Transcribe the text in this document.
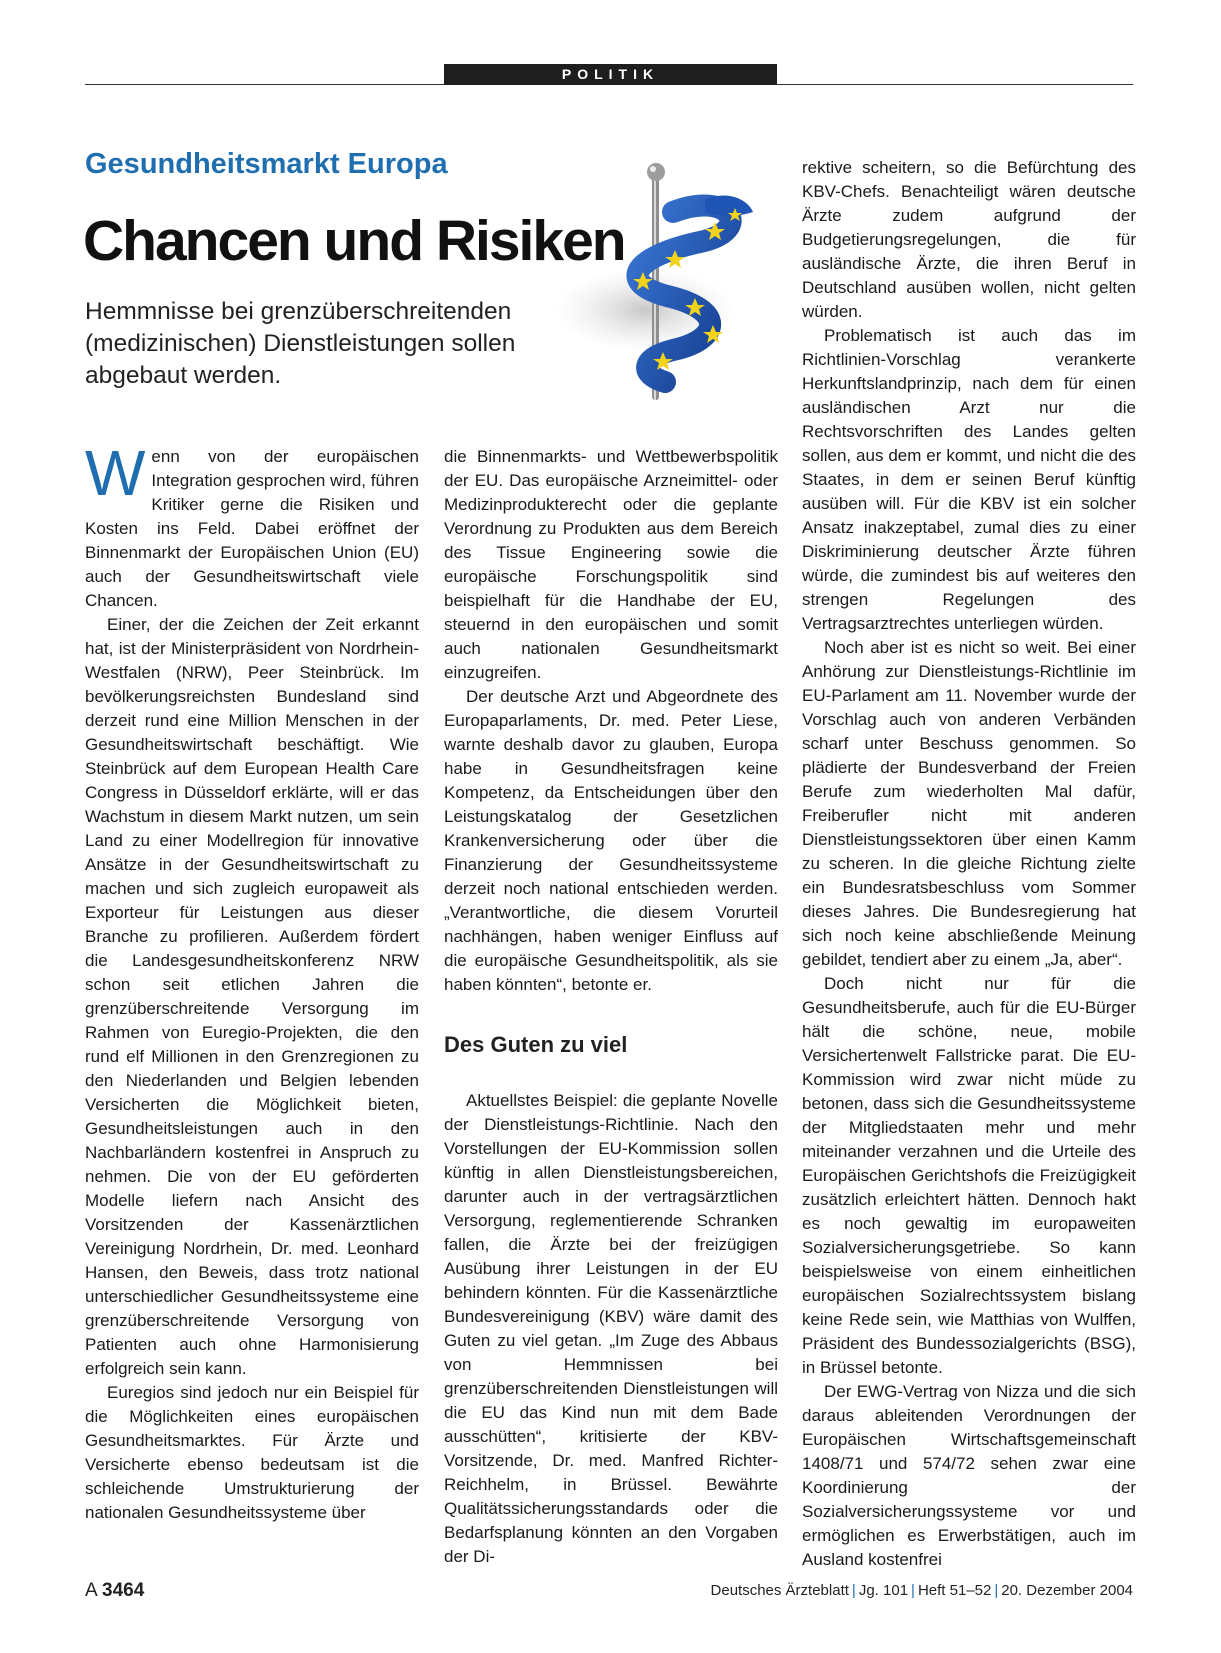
POLITIK
Gesundheitsmarkt Europa
Chancen und Risiken

Hemmnisse bei grenzüberschreitenden (medizinischen) Dienstleistungen sollen abgebaut werden.

Wenn von der europäischen Integration gesprochen wird, führen Kritiker gerne die Risiken und Kosten ins Feld. Dabei eröffnet der Binnenmarkt der Europäischen Union (EU) auch der Gesundheitswirtschaft viele Chancen.

Einer, der die Zeichen der Zeit erkannt hat, ist der Ministerpräsident von Nordrhein-Westfalen (NRW), Peer Steinbrück. Im bevölkerungsreichsten Bundesland sind derzeit rund eine Million Menschen in der Gesundheitswirtschaft beschäftigt. Wie Steinbrück auf dem European Health Care Congress in Düsseldorf erklärte, will er das Wachstum in diesem Markt nutzen, um sein Land zu einer Modellregion für innovative Ansätze in der Gesundheitswirtschaft zu machen und sich zugleich europaweit als Exporteur für Leistungen aus dieser Branche zu profilieren. Außerdem fördert die Landesgesundheitskonferenz NRW schon seit etlichen Jahren die grenzüberschreitende Versorgung im Rahmen von Euregio-Projekten, die den rund elf Millionen in den Grenzregionen zu den Niederlanden und Belgien lebenden Versicherten die Möglichkeit bieten, Gesundheitsleistungen auch in den Nachbarländern kostenfrei in Anspruch zu nehmen. Die von der EU geförderten Modelle liefern nach Ansicht des Vorsitzenden der Kassenärztlichen Vereinigung Nordrhein, Dr. med. Leonhard Hansen, den Beweis, dass trotz national unterschiedlicher Gesundheitssysteme eine grenzüberschreitende Versorgung von Patienten auch ohne Harmonisierung erfolgreich sein kann.

Euregios sind jedoch nur ein Beispiel für die Möglichkeiten eines europäischen Gesundheitsmarktes. Für Ärzte und Versicherte ebenso bedeutsam ist die schleichende Umstrukturierung der nationalen Gesundheitssysteme über

die Binnenmarkts- und Wettbewerbspolitik der EU. Das europäische Arzneimittel- oder Medizinprodukterecht oder die geplante Verordnung zu Produkten aus dem Bereich des Tissue Engineering sowie die europäische Forschungspolitik sind beispielhaft für die Handhabe der EU, steuernd in den europäischen und somit auch nationalen Gesundheitsmarkt einzugreifen.

Der deutsche Arzt und Abgeordnete des Europaparlaments, Dr. med. Peter Liese, warnte deshalb davor zu glauben, Europa habe in Gesundheitsfragen keine Kompetenz, da Entscheidungen über den Leistungskatalog der Gesetzlichen Krankenversicherung oder über die Finanzierung der Gesundheitssysteme derzeit noch national entschieden werden. „Verantwortliche, die diesem Vorurteil nachhängen, haben weniger Einfluss auf die europäische Gesundheitspolitik, als sie haben könnten“, betonte er.

Des Guten zu viel

Aktuellstes Beispiel: die geplante Novelle der Dienstleistungs-Richtlinie. Nach den Vorstellungen der EU-Kommission sollen künftig in allen Dienstleistungsbereichen, darunter auch in der vertragsärztlichen Versorgung, reglementierende Schranken fallen, die Ärzte bei der freizügigen Ausübung ihrer Leistungen in der EU behindern könnten. Für die Kassenärztliche Bundesvereinigung (KBV) wäre damit des Guten zu viel getan. „Im Zuge des Abbaus von Hemmnissen bei grenzüberschreitenden Dienstleistungen will die EU das Kind nun mit dem Bade ausschütten“, kritisierte der KBV-Vorsitzende, Dr. med. Manfred Richter-Reichhelm, in Brüssel. Bewährte Qualitätssicherungsstandards oder die Bedarfsplanung könnten an den Vorgaben der Di-

rektive scheitern, so die Befürchtung des KBV-Chefs. Benachteiligt wären deutsche Ärzte zudem aufgrund der Budgetierungsregelungen, die für ausländische Ärzte, die ihren Beruf in Deutschland ausüben wollen, nicht gelten würden.

Problematisch ist auch das im Richtlinien-Vorschlag verankerte Herkunftslandprinzip, nach dem für einen ausländischen Arzt nur die Rechtsvorschriften des Landes gelten sollen, aus dem er kommt, und nicht die des Staates, in dem er seinen Beruf künftig ausüben will. Für die KBV ist ein solcher Ansatz inakzeptabel, zumal dies zu einer Diskriminierung deutscher Ärzte führen würde, die zumindest bis auf weiteres den strengen Regelungen des Vertragsarztrechtes unterliegen würden.

Noch aber ist es nicht so weit. Bei einer Anhörung zur Dienstleistungs-Richtlinie im EU-Parlament am 11. November wurde der Vorschlag auch von anderen Verbänden scharf unter Beschuss genommen. So plädierte der Bundesverband der Freien Berufe zum wiederholten Mal dafür, Freiberufler nicht mit anderen Dienstleistungssektoren über einen Kamm zu scheren. In die gleiche Richtung zielte ein Bundesratsbeschluss vom Sommer dieses Jahres. Die Bundesregierung hat sich noch keine abschließende Meinung gebildet, tendiert aber zu einem „Ja, aber“.

Doch nicht nur für die Gesundheitsberufe, auch für die EU-Bürger hält die schöne, neue, mobile Versichertenwelt Fallstricke parat. Die EU-Kommission wird zwar nicht müde zu betonen, dass sich die Gesundheitssysteme der Mitgliedstaaten mehr und mehr miteinander verzahnen und die Urteile des Europäischen Gerichtshofs die Freizügigkeit zusätzlich erleichtert hätten. Dennoch hakt es noch gewaltig im europaweiten Sozialversicherungsgetriebe. So kann beispielsweise von einem einheitlichen europäischen Sozialrechtssystem bislang keine Rede sein, wie Matthias von Wulffen, Präsident des Bundessozialgerichts (BSG), in Brüssel betonte.

Der EWG-Vertrag von Nizza und die sich daraus ableitenden Verordnungen der Europäischen Wirtschaftsgemeinschaft 1408/71 und 574/72 sehen zwar eine Koordinierung der Sozialversicherungssysteme vor und ermöglichen es Erwerbstätigen, auch im Ausland kostenfrei

A 3464	Deutsches Ärzteblatt | Jg. 101 | Heft 51–52 | 20. Dezember 2004
